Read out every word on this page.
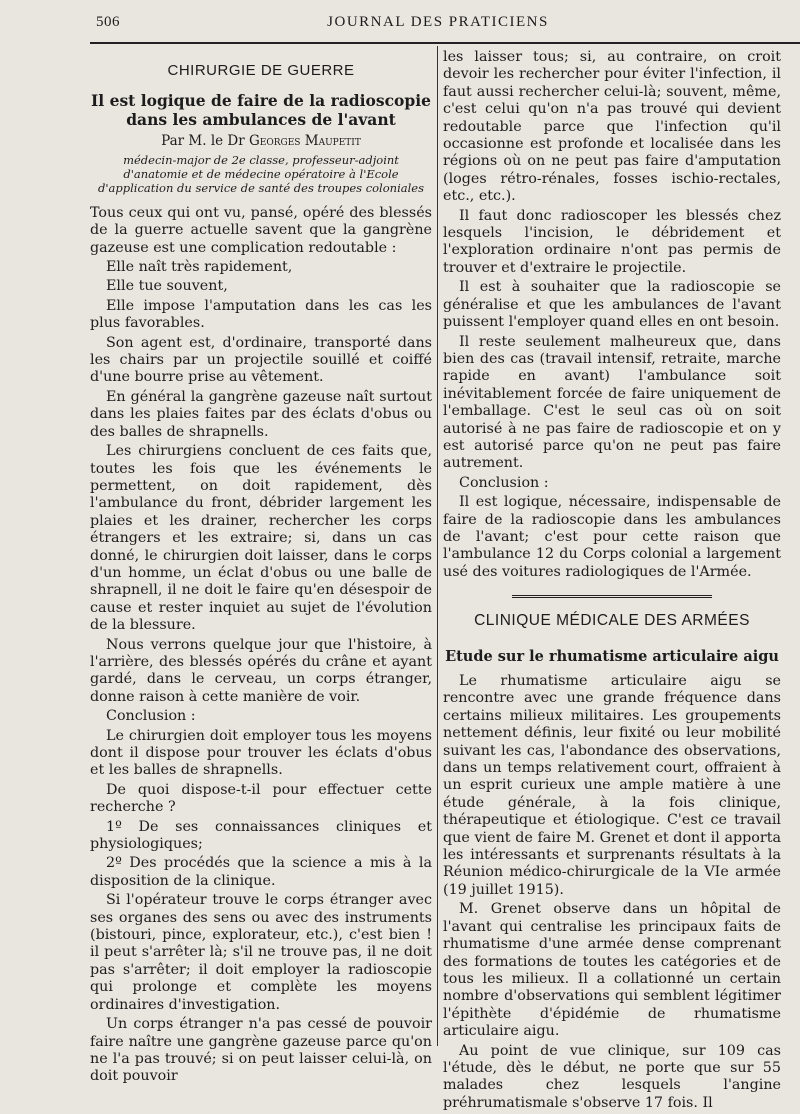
506	JOURNAL DES PRATICIENS
CHIRURGIE DE GUERRE
Il est logique de faire de la radioscopie dans les ambulances de l'avant
Par M. le Dr Georges Maupetit
médecin-major de 2e classe, professeur-adjoint d'anatomie et de médecine opératoire à l'Ecole d'application du service de santé des troupes coloniales

Tous ceux qui ont vu, pansé, opéré des blessés de la guerre actuelle savent que la gangrène gazeuse est une complication redoutable :

Elle naît très rapidement,

Elle tue souvent,

Elle impose l'amputation dans les cas les plus favorables.

Son agent est, d'ordinaire, transporté dans les chairs par un projectile souillé et coiffé d'une bourre prise au vêtement.

En général la gangrène gazeuse naît surtout dans les plaies faites par des éclats d'obus ou des balles de shrapnells.

Les chirurgiens concluent de ces faits que, toutes les fois que les événements le permettent, on doit rapidement, dès l'ambulance du front, débrider largement les plaies et les drainer, rechercher les corps étrangers et les extraire; si, dans un cas donné, le chirurgien doit laisser, dans le corps d'un homme, un éclat d'obus ou une balle de shrapnell, il ne doit le faire qu'en désespoir de cause et rester inquiet au sujet de l'évolution de la blessure.

Nous verrons quelque jour que l'histoire, à l'arrière, des blessés opérés du crâne et ayant gardé, dans le cerveau, un corps étranger, donne raison à cette manière de voir.

Conclusion :

Le chirurgien doit employer tous les moyens dont il dispose pour trouver les éclats d'obus et les balles de shrapnells.

De quoi dispose-t-il pour effectuer cette recherche ?

1º De ses connaissances cliniques et physiologiques;

2º Des procédés que la science a mis à la disposition de la clinique.

Si l'opérateur trouve le corps étranger avec ses organes des sens ou avec des instruments (bistouri, pince, explorateur, etc.), c'est bien ! il peut s'arrêter là; s'il ne trouve pas, il ne doit pas s'arrêter; il doit employer la radioscopie qui prolonge et complète les moyens ordinaires d'investigation.

Un corps étranger n'a pas cessé de pouvoir faire naître une gangrène gazeuse parce qu'on ne l'a pas trouvé; si on peut laisser celui-là, on doit pouvoir

les laisser tous; si, au contraire, on croit devoir les rechercher pour éviter l'infection, il faut aussi rechercher celui-là; souvent, même, c'est celui qu'on n'a pas trouvé qui devient redoutable parce que l'infection qu'il occasionne est profonde et localisée dans les régions où on ne peut pas faire d'amputation (loges rétro-rénales, fosses ischio-rectales, etc., etc.).

Il faut donc radioscoper les blessés chez lesquels l'incision, le débridement et l'exploration ordinaire n'ont pas permis de trouver et d'extraire le projectile.

Il est à souhaiter que la radioscopie se généralise et que les ambulances de l'avant puissent l'employer quand elles en ont besoin.

Il reste seulement malheureux que, dans bien des cas (travail intensif, retraite, marche rapide en avant) l'ambulance soit inévitablement forcée de faire uniquement de l'emballage. C'est le seul cas où on soit autorisé à ne pas faire de radioscopie et on y est autorisé parce qu'on ne peut pas faire autrement.

Conclusion :

Il est logique, nécessaire, indispensable de faire de la radioscopie dans les ambulances de l'avant; c'est pour cette raison que l'ambulance 12 du Corps colonial a largement usé des voitures radiologiques de l'Armée.

CLINIQUE MÉDICALE DES ARMÉES
Etude sur le rhumatisme articulaire aigu

Le rhumatisme articulaire aigu se rencontre avec une grande fréquence dans certains milieux militaires. Les groupements nettement définis, leur fixité ou leur mobilité suivant les cas, l'abondance des observations, dans un temps relativement court, offraient à un esprit curieux une ample matière à une étude générale, à la fois clinique, thérapeutique et étiologique. C'est ce travail que vient de faire M. Grenet et dont il apporta les intéressants et surprenants résultats à la Réunion médico-chirurgicale de la VIe armée (19 juillet 1915).

M. Grenet observe dans un hôpital de l'avant qui centralise les principaux faits de rhumatisme d'une armée dense comprenant des formations de toutes les catégories et de tous les milieux. Il a collationné un certain nombre d'observations qui semblent légitimer l'épithète d'épidémie de rhumatisme articulaire aigu.

Au point de vue clinique, sur 109 cas l'étude, dès le début, ne porte que sur 55 malades chez lesquels l'angine préhrumatismale s'observe 17 fois. Il
